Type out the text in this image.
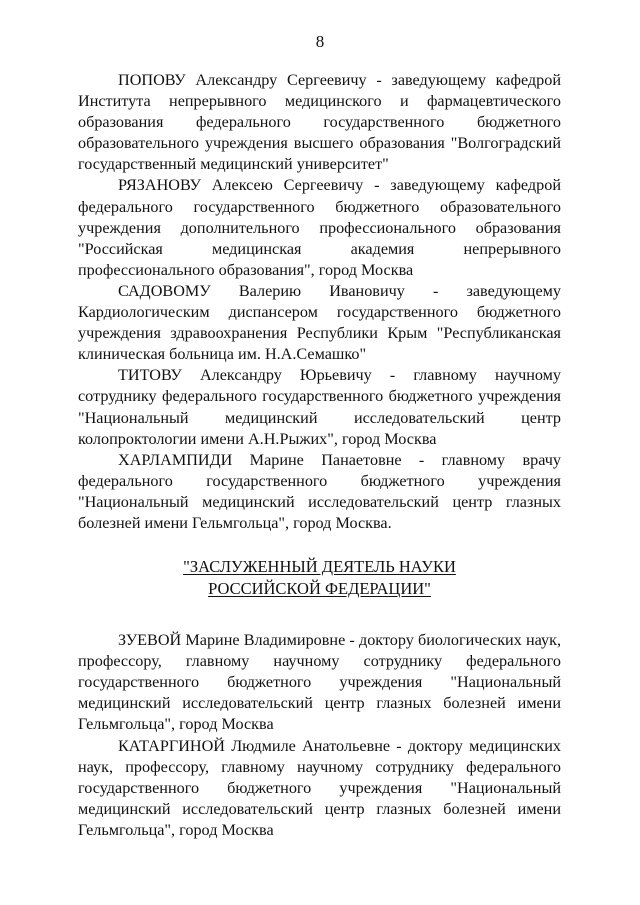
8

ПОПОВУ Александру Сергеевичу - заведующему кафедрой Института непрерывного медицинского и фармацевтического образования федерального государственного бюджетного образовательного учреждения высшего образования "Волгоградский государственный медицинский университет"

РЯЗАНОВУ Алексею Сергеевичу - заведующему кафедрой федерального государственного бюджетного образовательного учреждения дополнительного профессионального образования "Российская медицинская академия непрерывного профессионального образования", город Москва

САДОВОМУ Валерию Ивановичу - заведующему Кардиологическим диспансером государственного бюджетного учреждения здравоохранения Республики Крым "Республиканская клиническая больница им. Н.А.Семашко"

ТИТОВУ Александру Юрьевичу - главному научному сотруднику федерального государственного бюджетного учреждения "Национальный медицинский исследовательский центр колопроктологии имени А.Н.Рыжих", город Москва

ХАРЛАМПИДИ Марине Панаетовне - главному врачу федерального государственного бюджетного учреждения "Национальный медицинский исследовательский центр глазных болезней имени Гельмгольца", город Москва.

"ЗАСЛУЖЕННЫЙ ДЕЯТЕЛЬ НАУКИ

РОССИЙСКОЙ ФЕДЕРАЦИИ"

ЗУЕВОЙ Марине Владимировне - доктору биологических наук, профессору, главному научному сотруднику федерального государственного бюджетного учреждения "Национальный медицинский исследовательский центр глазных болезней имени Гельмгольца", город Москва

КАТАРГИНОЙ Людмиле Анатольевне - доктору медицинских наук, профессору, главному научному сотруднику федерального государственного бюджетного учреждения "Национальный медицинский исследовательский центр глазных болезней имени Гельмгольца", город Москва
